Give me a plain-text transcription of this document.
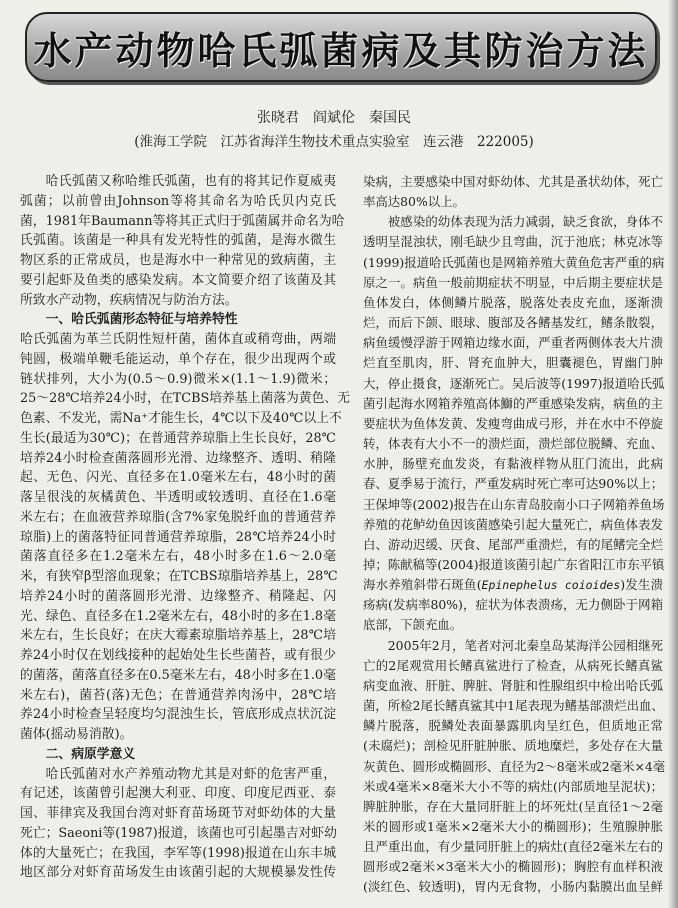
水产动物哈氏弧菌病及其防治方法
张晓君　阎斌伦　秦国民
(淮海工学院　江苏省海洋生物技术重点实验室　连云港　222005)
哈氏弧菌又称哈维氏弧菌，也有的将其记作夏威夷
弧菌；以前曾由Johnson等将其命名为哈氏贝内克氏
菌，1981年Baumann等将其正式归于弧菌属并命名为哈
氏弧菌。该菌是一种具有发光特性的弧菌，是海水微生
物区系的正常成员，也是海水中一种常见的致病菌，主
要引起虾及鱼类的感染发病。本文简要介绍了该菌及其
所致水产动物，疾病情况与防治方法。
一、哈氏弧菌形态特征与培养特性
哈氏弧菌为革兰氏阴性短杆菌，菌体直或稍弯曲，两端
钝圆，极端单鞭毛能运动，单个存在，很少出现两个或
链状排列，大小为(0.5～0.9)微米×(1.1～1.9)微米；
25～28℃培养24小时，在TCBS培养基上菌落为黄色、无
色素、不发光，需Na⁺才能生长，4℃以下及40℃以上不
生长(最适为30℃)；在普通营养琼脂上生长良好，28℃
培养24小时检查菌落圆形光滑、边缘整齐、透明、稍隆
起、无色、闪光、直径多在1.0毫米左右，48小时的菌
落呈很浅的灰橘黄色、半透明或较透明、直径在1.6毫
米左右；在血液营养琼脂(含7%家兔脱纤血的普通营养
琼脂)上的菌落特征同普通营养琼脂，28℃培养24小时
菌落直径多在1.2毫米左右，48小时多在1.6～2.0毫
米，有狭窄β型溶血现象；在TCBS琼脂培养基上，28℃
培养24小时的菌落圆形光滑、边缘整齐、稍隆起、闪
光、绿色、直径多在1.2毫米左右，48小时的多在1.8毫
米左右，生长良好；在庆大霉素琼脂培养基上，28℃培
养24小时仅在划线接种的起始处生长些菌苔，或有很少
的菌落，菌落直径多在0.5毫米左右，48小时多在1.0毫
米左右)，菌苔(落)无色；在普通营养肉汤中，28℃培
养24小时检查呈轻度均匀混浊生长，管底形成点状沉淀
菌体(摇动易消散)。
二、病原学意义
哈氏弧菌对水产养殖动物尤其是对虾的危害严重，
有记述，该菌曾引起澳大利亚、印度、印度尼西亚、泰
国、菲律宾及我国台湾对虾育苗场斑节对虾幼体的大量
死亡；Saeoni等(1987)报道，该菌也可引起墨吉对虾幼
体的大量死亡；在我国，李军等(1998)报道在山东丰城
地区部分对虾育苗场发生由该菌引起的大规模暴发性传
染病，主要感染中国对虾幼体、尤其是蚤状幼体，死亡
率高达80%以上。
被感染的幼体表现为活力减弱，缺乏食欲，身体不
透明呈混浊状，刚毛缺少且弯曲，沉于池底；林克冰等
(1999)报道哈氏弧菌也是网箱养殖大黄鱼危害严重的病
原之一。病鱼一般前期症状不明显，中后期主要症状是
鱼体发白，体侧鳞片脱落，脱落处表皮充血，逐渐溃
烂，而后下颌、眼球、腹部及各鳍基发红，鳍条散裂，
病鱼缓慢浮游于网箱边缘水面，严重者两侧体表大片溃
烂直至肌肉，肝、肾充血肿大，胆囊褪色，胃幽门肿
大，停止摄食，逐渐死亡。吴后波等(1997)报道哈氏弧
菌引起海水网箱养殖高体鰤的严重感染发病，病鱼的主
要症状为鱼体发黄、发瘦弯曲成弓形，并在水中不停旋
转，体表有大小不一的溃烂面，溃烂部位脱鳞、充血、
水肿，肠壁充血发炎，有黏液样物从肛门流出，此病
春、夏季易于流行，严重发病时死亡率可达90%以上；
王保坤等(2002)报告在山东青岛胶南小口子网箱养鱼场
养殖的花鲈幼鱼因该菌感染引起大量死亡，病鱼体表发
白、游动迟缓、厌食、尾部严重溃烂，有的尾鳍完全烂
掉；陈献稿等(2004)报道该菌引起广东省阳江市东平镇
海水养殖斜带石斑鱼(Epinephelus coioides)发生溃
疡病(发病率80%)，症状为体表溃疡，无力侧卧于网箱
底部，下颌充血。
2005年2月，笔者对河北秦皇岛某海洋公园相继死
亡的2尾观赏用长鳍真鲨进行了检查，从病死长鳍真鲨
病变血液、肝脏、脾脏、肾脏和性腺组织中检出哈氏弧
菌，所检2尾长鳍真鲨其中1尾表现为鳍基部溃烂出血、
鳞片脱落，脱鳞处表面暴露肌肉呈红色，但质地正常
(未腐烂)；剖检见肝脏肿胀、质地糜烂，多处存在大量
灰黄色、圆形或椭圆形、直径为2～8毫米或2毫米×4毫
米或4毫米×8毫米大小不等的病灶(内部质地呈泥状)；
脾脏肿胀，存在大量同肝脏上的坏死灶(呈直径1～2毫
米的圆形或1毫米×2毫米大小的椭圆形)；生殖腺肿胀
且严重出血，有少量同肝脏上的病灶(直径2毫米左右的
圆形或2毫米×3毫米大小的椭圆形)；胸腔有血样积液
(淡红色、较透明)，胃内无食物，小肠内黏膜出血呈鲜
